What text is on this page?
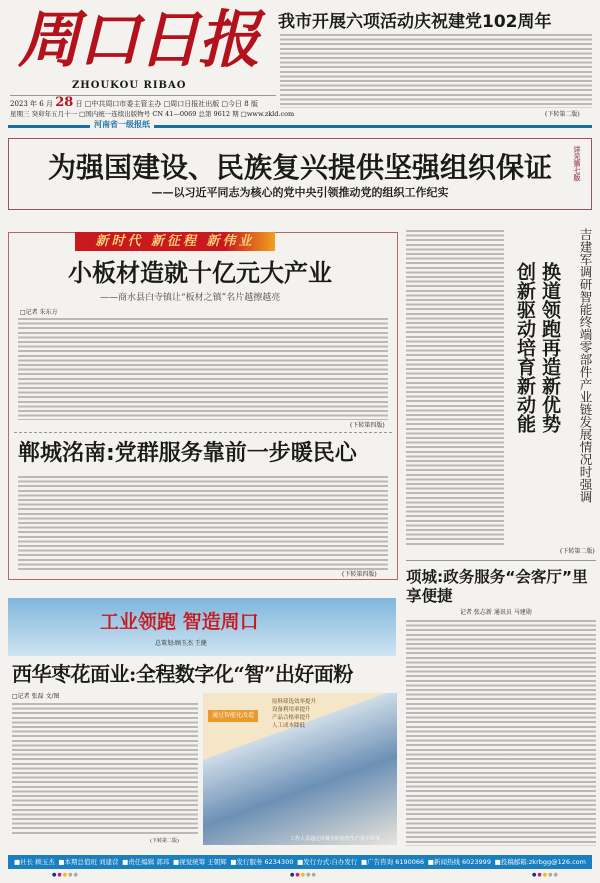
周口日报
ZHOUKOU RIBAO
2023 年 6 月 28 日 □中共周口市委主管主办 □周口日报社出版 □今日 8 版
星期三 癸卯年五月十一 □国内统一连续出版物号 CN 41—0069 总第 9612 期 □www.zkld.com
我市开展六项活动庆祝建党102周年
(下转第二版)
河南省一级报纸
为强国建设、民族复兴提供坚强组织保证
——以习近平同志为核心的党中央引领推动党的组织工作纪实
详见第七版
新时代 新征程 新伟业
小板材造就十亿元大产业
——商水县白寺镇让“板材之镇”名片越擦越亮
□记者 朱东方
(下转第四版)
郸城洺南:党群服务靠前一步暖民心
(下转第四版)
(下转第二版)
换道领跑再造新优势 创新驱动培育新动能	吉建军调研智能终端零部件产业链发展情况时强调
项城:政务服务“会客厅”里享便捷
记者 张志新 通讯员 马建勋
工业领跑 智造周口
总策划:顾玉杰 王健
西华枣花面业:全程数字化“智”出好面粉
□记者 张磊 文/图
(下转第二版)
通过智能化改造
原料筛选效率提升
设备利用率提升
产品合格率提升
人工成本降低
工作人员通过屏幕实时监控生产各个环节。
■社长 顾玉杰 ■本期总值班 刘建营 ■责任编辑 郭玮 ■视觉统筹 王朝辉 ■发行服务 6234300 ■发行方式:自办发行 ■广告咨询 6190066 ■新闻热线 6023999 ■投稿邮箱:zkrbgg@126.com
●●●●●	●●●●●	●●●●●
